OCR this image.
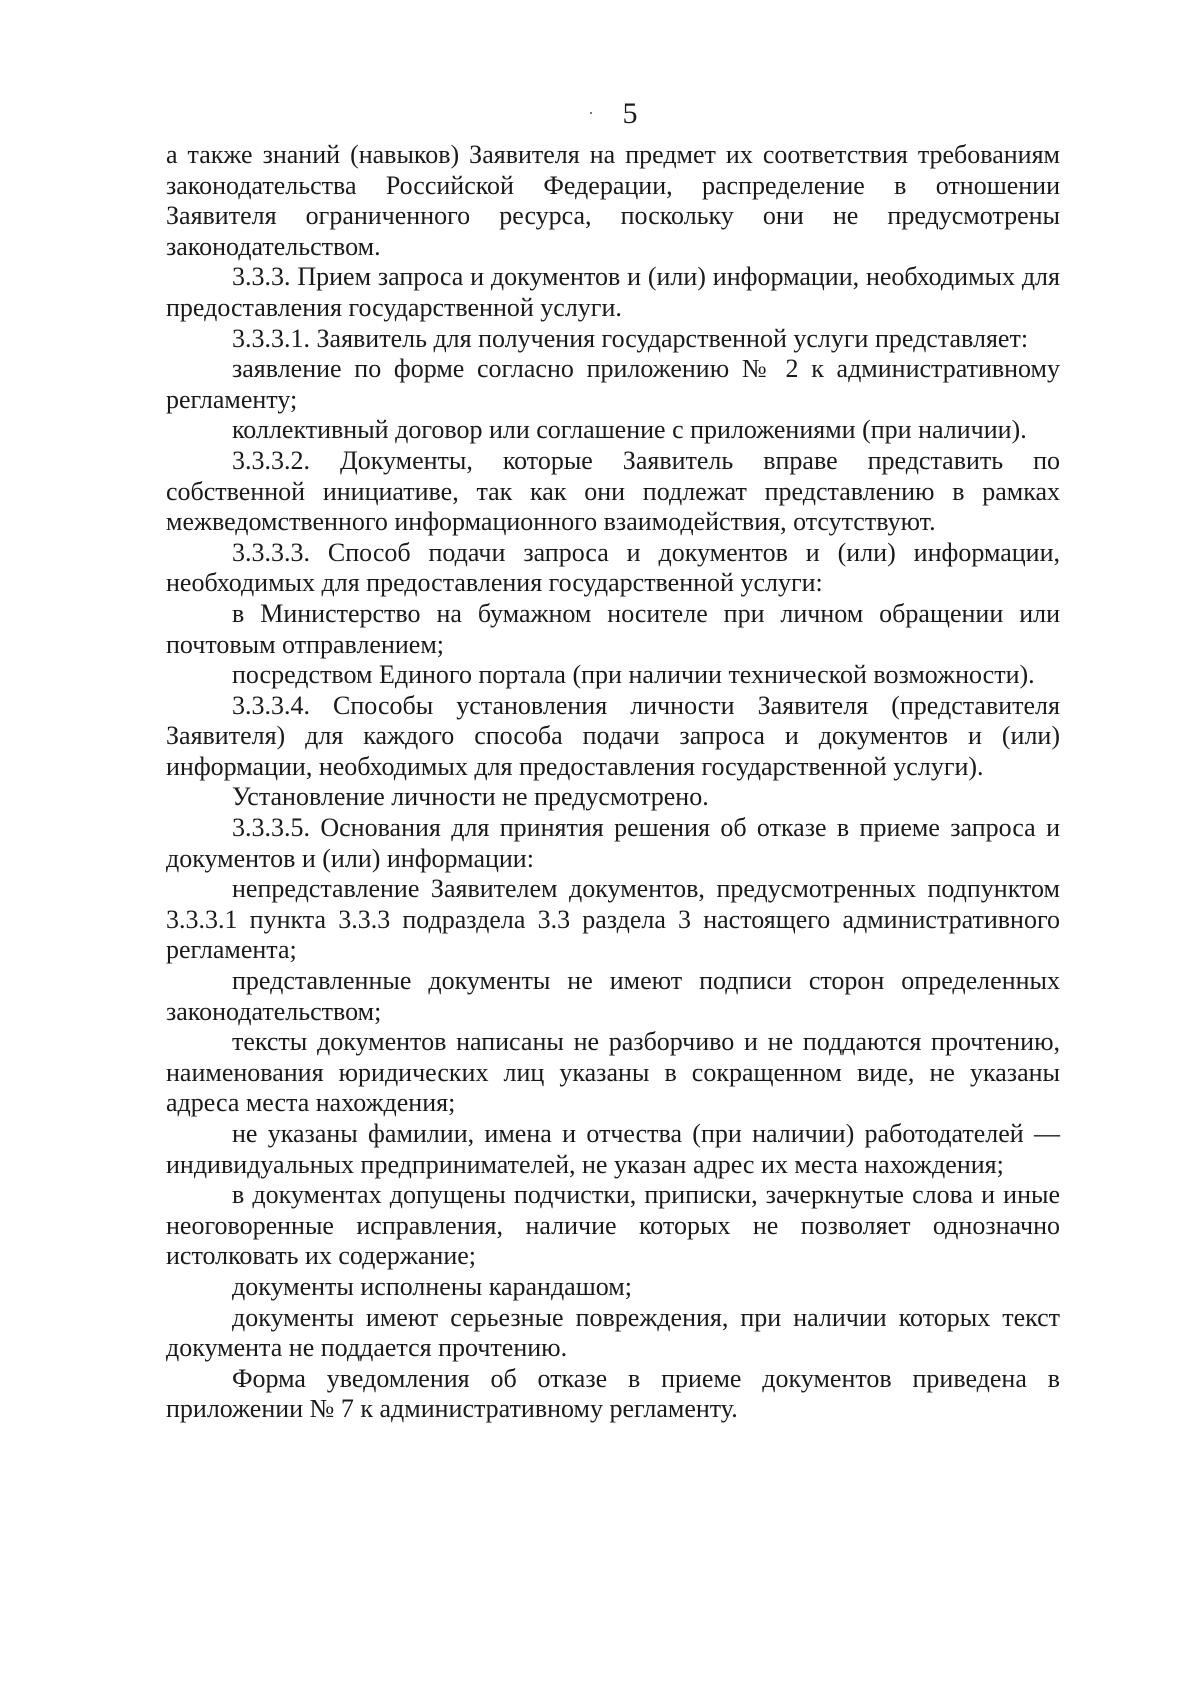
5

а также знаний (навыков) Заявителя на предмет их соответствия требованиям законодательства Российской Федерации, распределение в отношении Заявителя ограниченного ресурса, поскольку они не предусмотрены законодательством.

3.3.3. Прием запроса и документов и (или) информации, необходимых для предоставления государственной услуги.

3.3.3.1. Заявитель для получения государственной услуги представляет:

заявление по форме согласно приложению № 2 к административному регламенту;

коллективный договор или соглашение с приложениями (при наличии).

3.3.3.2. Документы, которые Заявитель вправе представить по собственной инициативе, так как они подлежат представлению в рамках межведомственного информационного взаимодействия, отсутствуют.

3.3.3.3. Способ подачи запроса и документов и (или) информации, необходимых для предоставления государственной услуги:

в Министерство на бумажном носителе при личном обращении или почтовым отправлением;

посредством Единого портала (при наличии технической возможности).

3.3.3.4. Способы установления личности Заявителя (представителя Заявителя) для каждого способа подачи запроса и документов и (или) информации, необходимых для предоставления государственной услуги).

Установление личности не предусмотрено.

3.3.3.5. Основания для принятия решения об отказе в приеме запроса и документов и (или) информации:

непредставление Заявителем документов, предусмотренных подпунктом 3.3.3.1 пункта 3.3.3 подраздела 3.3 раздела 3 настоящего административного регламента;

представленные документы не имеют подписи сторон определенных законодательством;

тексты документов написаны не разборчиво и не поддаются прочтению, наименования юридических лиц указаны в сокращенном виде, не указаны адреса места нахождения;

не указаны фамилии, имена и отчества (при наличии) работодателей — индивидуальных предпринимателей, не указан адрес их места нахождения;

в документах допущены подчистки, приписки, зачеркнутые слова и иные неоговоренные исправления, наличие которых не позволяет однозначно истолковать их содержание;

документы исполнены карандашом;

документы имеют серьезные повреждения, при наличии которых текст документа не поддается прочтению.

Форма уведомления об отказе в приеме документов приведена в приложении № 7 к административному регламенту.
